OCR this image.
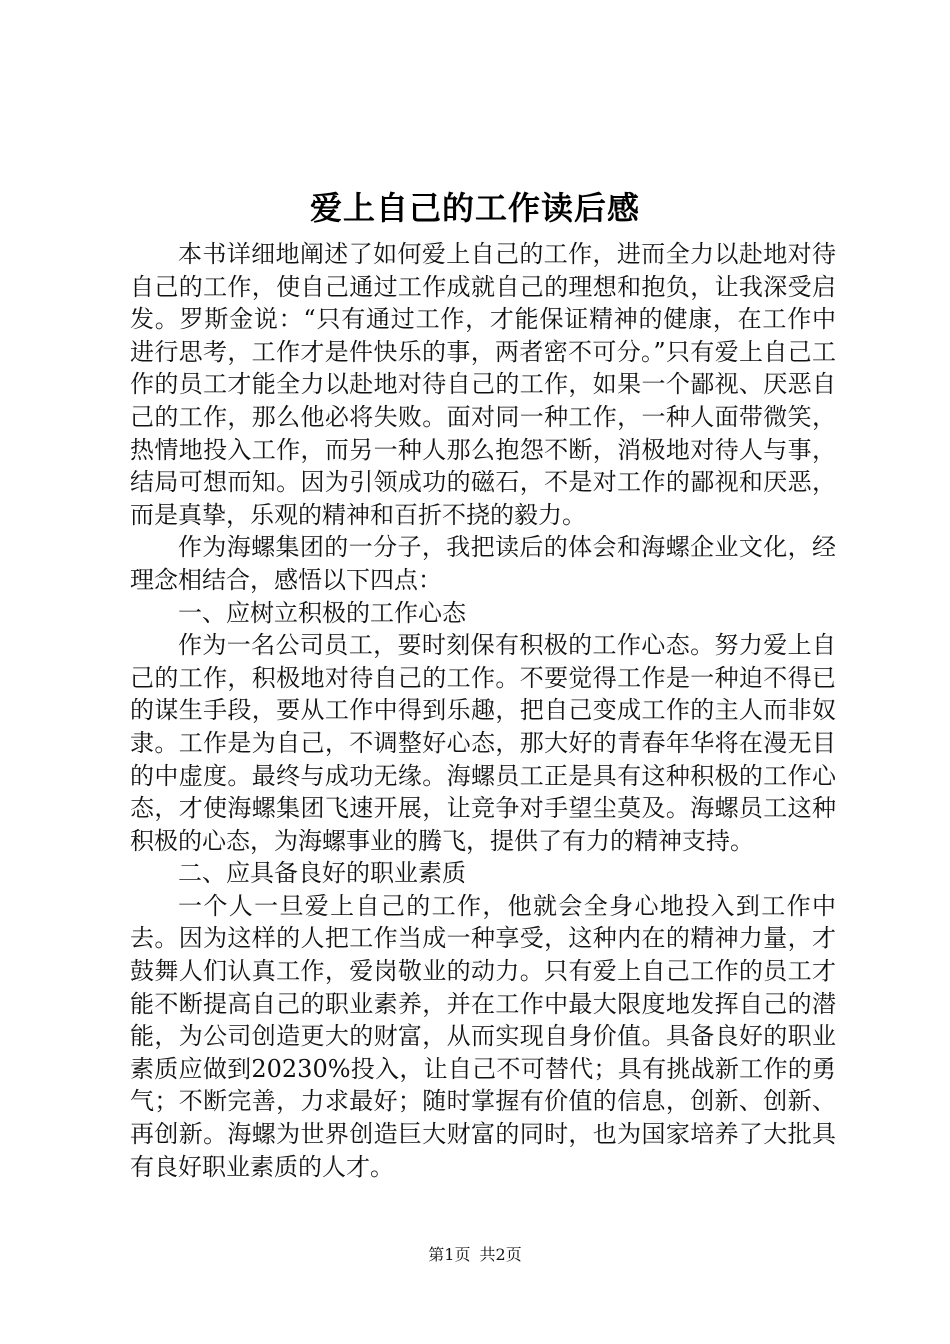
爱上自己的工作读后感

本书详细地阐述了如何爱上自己的工作，进而全力以赴地对待自己的工作，使自己通过工作成就自己的理想和抱负，让我深受启发。罗斯金说：“只有通过工作，才能保证精神的健康，在工作中进行思考，工作才是件快乐的事，两者密不可分。”只有爱上自己工作的员工才能全力以赴地对待自己的工作，如果一个鄙视、厌恶自己的工作，那么他必将失败。面对同一种工作，一种人面带微笑，热情地投入工作，而另一种人那么抱怨不断，消极地对待人与事，结局可想而知。因为引领成功的磁石，不是对工作的鄙视和厌恶，而是真挚，乐观的精神和百折不挠的毅力。

作为海螺集团的一分子，我把读后的体会和海螺企业文化，经理念相结合，感悟以下四点：

一、应树立积极的工作心态

作为一名公司员工，要时刻保有积极的工作心态。努力爱上自己的工作，积极地对待自己的工作。不要觉得工作是一种迫不得已的谋生手段，要从工作中得到乐趣，把自己变成工作的主人而非奴隶。工作是为自己，不调整好心态，那大好的青春年华将在漫无目的中虚度。最终与成功无缘。海螺员工正是具有这种积极的工作心态，才使海螺集团飞速开展，让竞争对手望尘莫及。海螺员工这种积极的心态，为海螺事业的腾飞，提供了有力的精神支持。

二、应具备良好的职业素质

一个人一旦爱上自己的工作，他就会全身心地投入到工作中去。因为这样的人把工作当成一种享受，这种内在的精神力量，才鼓舞人们认真工作，爱岗敬业的动力。只有爱上自己工作的员工才能不断提高自己的职业素养，并在工作中最大限度地发挥自己的潜能，为公司创造更大的财富，从而实现自身价值。具备良好的职业素质应做到20230%投入，让自己不可替代；具有挑战新工作的勇气；不断完善，力求最好；随时掌握有价值的信息，创新、创新、再创新。海螺为世界创造巨大财富的同时，也为国家培养了大批具有良好职业素质的人才。

第1页 共2页
